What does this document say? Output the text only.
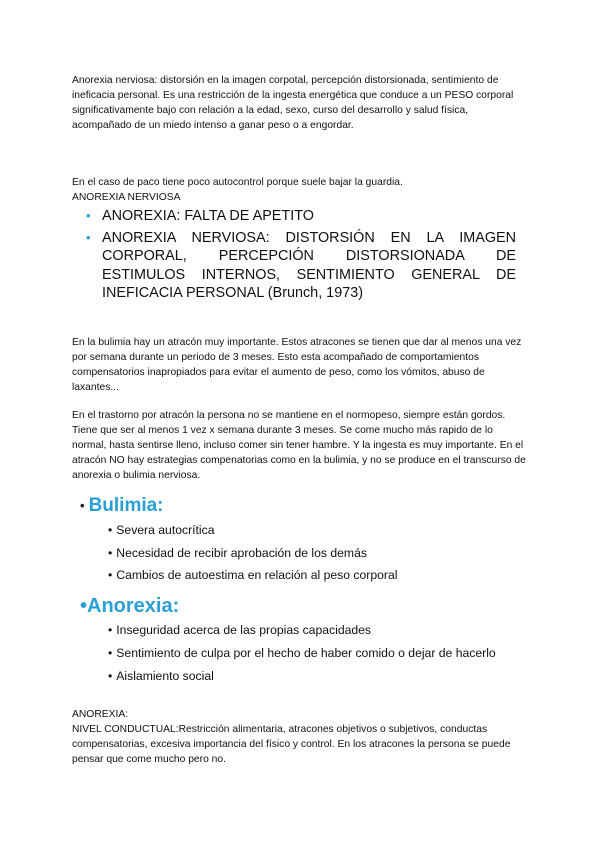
Anorexia nerviosa: distorsión en la imagen corpotal, percepción distorsionada, sentimiento de ineficacia personal. Es una restricción de la ingesta energética que conduce a un PESO corporal significativamente bajo con relación a la edad, sexo, curso del desarrollo y salud física, acompañado de un miedo intenso a ganar peso o a engordar.

En el caso de paco tiene poco autocontrol porque suele bajar la guardia.
ANOREXIA NERVIOSA

• ANOREXIA: FALTA DE APETITO
• ANOREXIA NERVIOSA: DISTORSIÓN EN LA IMAGEN CORPORAL, PERCEPCIÓN DISTORSIONADA DE ESTIMULOS INTERNOS, SENTIMIENTO GENERAL DE INEFICACIA PERSONAL (Brunch, 1973)

En la bulimia hay un atracón muy importante. Estos atracones se tienen que dar al menos una vez por semana durante un periodo de 3 meses. Esto esta acompañado de comportamientos compensatorios inapropiados para evitar el aumento de peso, como los vómitos, abuso de laxantes...

En el trastorno por atracón la persona no se mantiene en el normopeso, siempre están gordos. Tiene que ser al menos 1 vez x semana durante 3 meses. Se come mucho más rapido de lo normal, hasta sentirse lleno, incluso comer sin tener hambre. Y la ingesta es muy importante. En el atracón NO hay estrategias compenatorias como en la bulimia, y no se produce en el transcurso de anorexia o bulimia nerviosa.

• Bulimia:
• Severa autocrítica
• Necesidad de recibir aprobación de los demás
• Cambios de autoestima en relación al peso corporal
•Anorexia:
• Inseguridad acerca de las propias capacidades
• Sentimiento de culpa por el hecho de haber comido o dejar de hacerlo
• Aislamiento social

ANOREXIA:
NIVEL CONDUCTUAL:Restricción alimentaria, atracones objetivos o subjetivos, conductas compensatorias, excesiva importancia del físico y control. En los atracones la persona se puede pensar que come mucho pero no.
